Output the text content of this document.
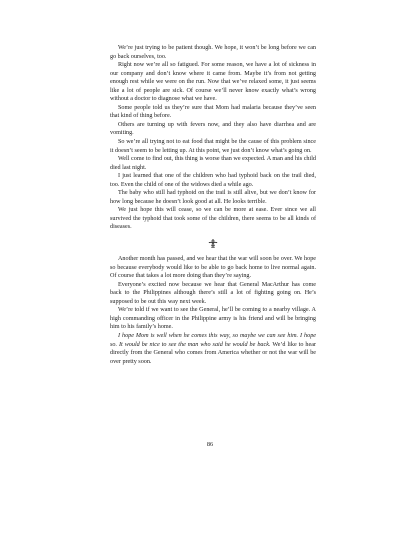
We’re just trying to be patient though. We hope, it won’t be long before we can go back ourselves, too.

Right now we’re all so fatigued. For some reason, we have a lot of sickness in our company and don’t know where it came from. Maybe it’s from not getting enough rest while we were on the run. Now that we’ve relaxed some, it just seems like a lot of people are sick. Of course we’ll never know exactly what’s wrong without a doctor to diagnose what we have.

Some people told us they’re sure that Mom had malaria because they’ve seen that kind of thing before.

Others are turning up with fevers now, and they also have diarrhea and are vomiting.

So we’re all trying not to eat food that might be the cause of this problem since it doesn’t seem to be letting up. At this point, we just don’t know what’s going on.

Well come to find out, this thing is worse than we expected. A man and his child died last night.

I just learned that one of the children who had typhoid back on the trail died, too. Even the child of one of the widows died a while ago.

The baby who still had typhoid on the trail is still alive, but we don’t know for how long because he doesn’t look good at all. He looks terrible.

We just hope this will cease, so we can be more at ease. Ever since we all survived the typhoid that took some of the children, there seems to be all kinds of diseases.

Another month has passed, and we hear that the war will soon be over. We hope so because everybody would like to be able to go back home to live normal again. Of course that takes a lot more doing than they’re saying.

Everyone’s excited now because we hear that General MacArthur has come back to the Philippines although there’s still a lot of fighting going on. He’s supposed to be out this way next week.

We’re told if we want to see the General, he’ll be coming to a nearby village. A high commanding officer in the Philippine army is his friend and will be bringing him to his family’s home.

I hope Mom is well when he comes this way, so maybe we can see him. I hope so. It would be nice to see the man who said he would be back. We’d like to hear directly from the General who comes from America whether or not the war will be over pretty soon.

86
